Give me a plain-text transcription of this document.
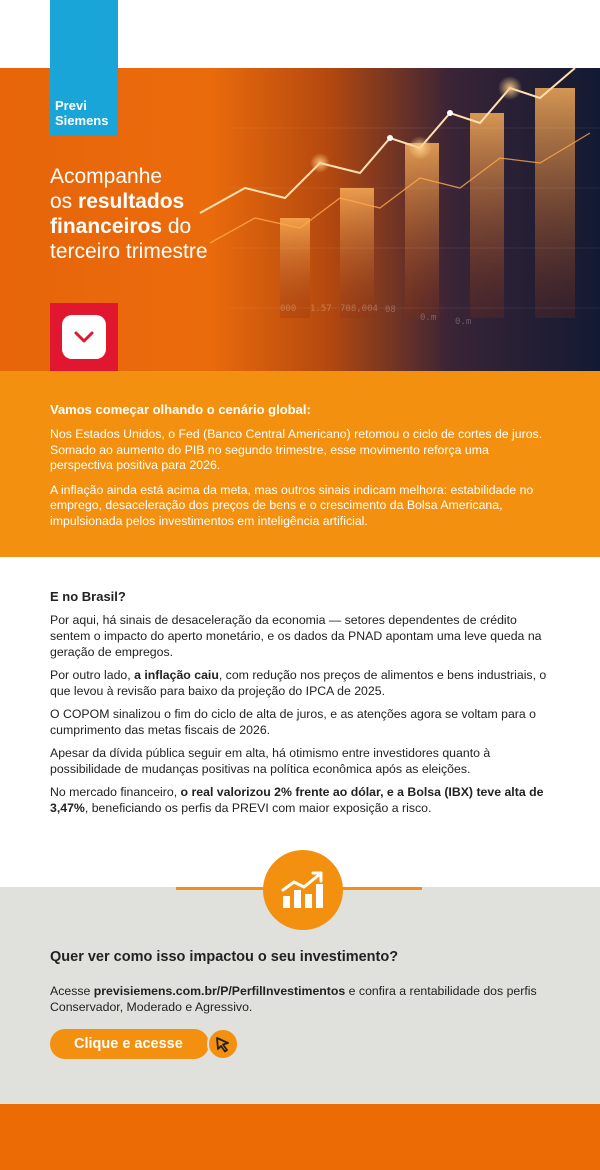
Previ
Siemens
000 1.57 708,004 08
0.m 0.m
Acompanhe
os resultados
financeiros do
terceiro trimestre
Vamos começar olhando o cenário global:

Nos Estados Unidos, o Fed (Banco Central Americano) retomou o ciclo de cortes de juros. Somado ao aumento do PIB no segundo trimestre, esse movimento reforça uma perspectiva positiva para 2026.

A inflação ainda está acima da meta, mas outros sinais indicam melhora: estabilidade no emprego, desaceleração dos preços de bens e o crescimento da Bolsa Americana, impulsionada pelos investimentos em inteligência artificial.

E no Brasil?

Por aqui, há sinais de desaceleração da economia — setores dependentes de crédito sentem o impacto do aperto monetário, e os dados da PNAD apontam uma leve queda na geração de empregos.

Por outro lado, a inflação caiu, com redução nos preços de alimentos e bens industriais, o que levou à revisão para baixo da projeção do IPCA de 2025.

O COPOM sinalizou o fim do ciclo de alta de juros, e as atenções agora se voltam para o cumprimento das metas fiscais de 2026.

Apesar da dívida pública seguir em alta, há otimismo entre investidores quanto à possibilidade de mudanças positivas na política econômica após as eleições.

No mercado financeiro, o real valorizou 2% frente ao dólar, e a Bolsa (IBX) teve alta de 3,47%, beneficiando os perfis da PREVI com maior exposição a risco.

Quer ver como isso impactou o seu investimento?

Acesse previsiemens.com.br/P/PerfilInvestimentos e confira a rentabilidade dos perfis Conservador, Moderado e Agressivo.

Clique e acesse
